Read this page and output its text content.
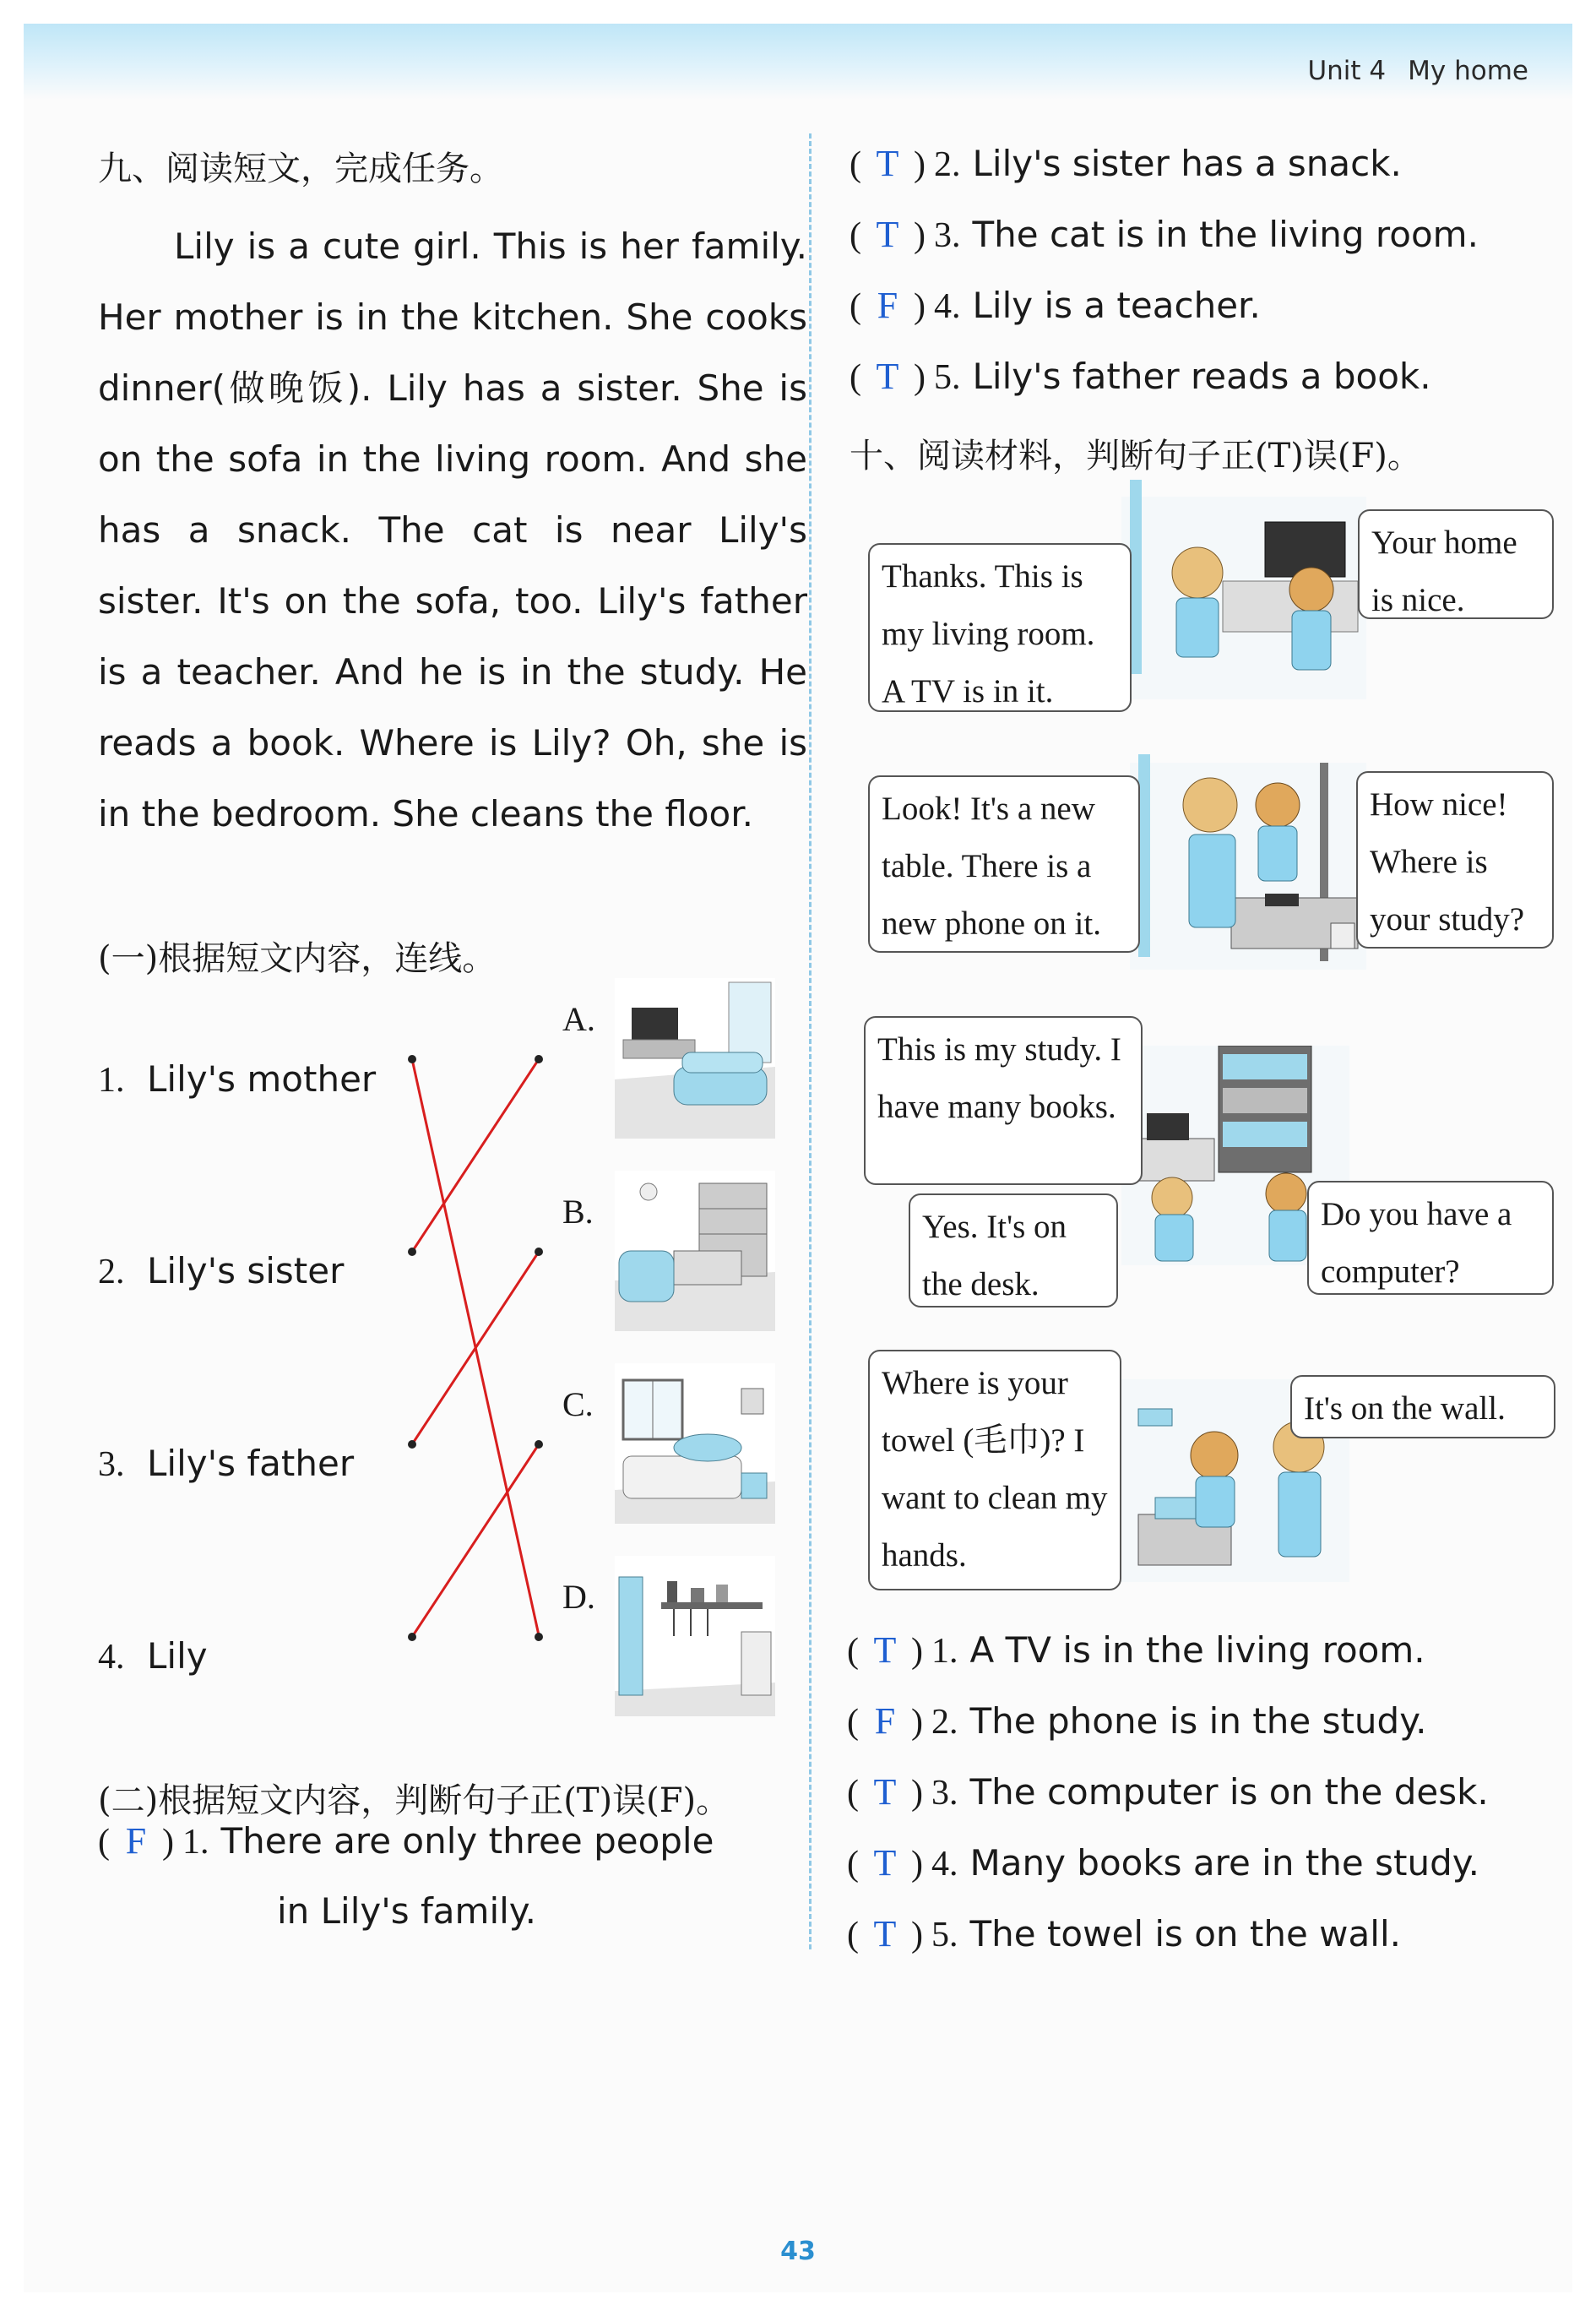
Unit 4 My home
九、阅读短文，完成任务。

Lily is a cute girl. This is her family. Her mother is in the kitchen. She cooks dinner(做晚饭). Lily has a sister. She is on the sofa in the living room. And she has a snack. The cat is near Lily's sister. It's on the sofa, too. Lily's father is a teacher. And he is in the study. He reads a book. Where is Lily? Oh, she is in the bedroom. She cleans the floor.

(一)根据短文内容，连线。
1. Lily's mother
2. Lily's sister
3. Lily's father
4. Lily
A.
B.
C.
D.
(二)根据短文内容，判断句子正(T)误(F)。
( F ) 1. There are only three people
in Lily's family.
( T ) 2. Lily's sister has a snack.
( T ) 3. The cat is in the living room.
( F ) 4. Lily is a teacher.
( T ) 5. Lily's father reads a book.
十、阅读材料，判断句子正(T)误(F)。
Thanks. This is my living room. A TV is in it.
Your home is nice.
Look! It's a new table. There is a new phone on it.
How nice! Where is your study?
This is my study. I have many books.
Yes. It's on the desk.
Do you have a computer?
Where is your towel (毛巾)? I want to clean my hands.
It's on the wall.
( T ) 1. A TV is in the living room.
( F ) 2. The phone is in the study.
( T ) 3. The computer is on the desk.
( T ) 4. Many books are in the study.
( T ) 5. The towel is on the wall.
43
